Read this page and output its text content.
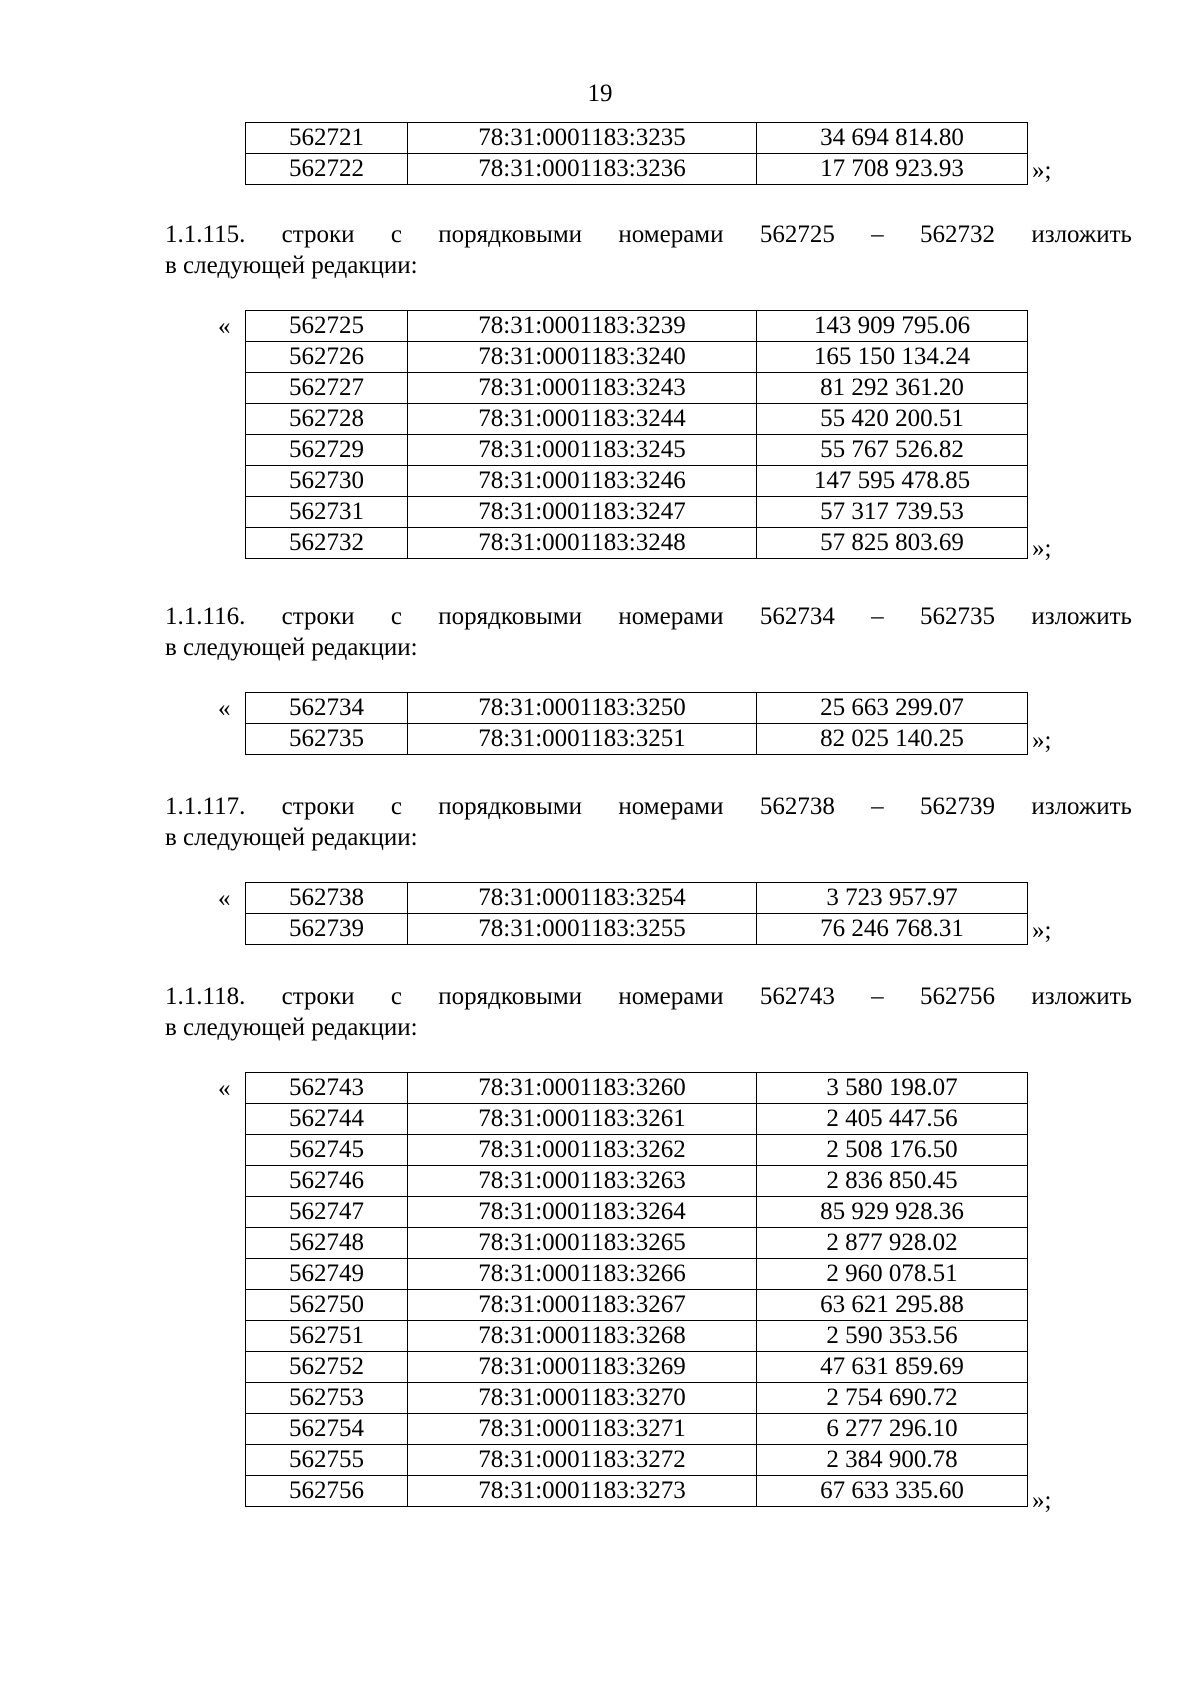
19
562721	78:31:0001183:3235	34 694 814.80
562722	78:31:0001183:3236	17 708 923.93	»;
1.1.115. строки с порядковыми номерами 562725 – 562732 изложить
в следующей редакции:
« 562725	78:31:0001183:3239	143 909 795.06
562726	78:31:0001183:3240	165 150 134.24
562727	78:31:0001183:3243	81 292 361.20
562728	78:31:0001183:3244	55 420 200.51
562729	78:31:0001183:3245	55 767 526.82
562730	78:31:0001183:3246	147 595 478.85
562731	78:31:0001183:3247	57 317 739.53
562732	78:31:0001183:3248	57 825 803.69	»;
1.1.116. строки с порядковыми номерами 562734 – 562735 изложить
в следующей редакции:
« 562734	78:31:0001183:3250	25 663 299.07
562735	78:31:0001183:3251	82 025 140.25	»;
1.1.117. строки с порядковыми номерами 562738 – 562739 изложить
в следующей редакции:
« 562738	78:31:0001183:3254	3 723 957.97
562739	78:31:0001183:3255	76 246 768.31	»;
1.1.118. строки с порядковыми номерами 562743 – 562756 изложить
в следующей редакции:
« 562743	78:31:0001183:3260	3 580 198.07
562744	78:31:0001183:3261	2 405 447.56
562745	78:31:0001183:3262	2 508 176.50
562746	78:31:0001183:3263	2 836 850.45
562747	78:31:0001183:3264	85 929 928.36
562748	78:31:0001183:3265	2 877 928.02
562749	78:31:0001183:3266	2 960 078.51
562750	78:31:0001183:3267	63 621 295.88
562751	78:31:0001183:3268	2 590 353.56
562752	78:31:0001183:3269	47 631 859.69
562753	78:31:0001183:3270	2 754 690.72
562754	78:31:0001183:3271	6 277 296.10
562755	78:31:0001183:3272	2 384 900.78
562756	78:31:0001183:3273	67 633 335.60	»;
